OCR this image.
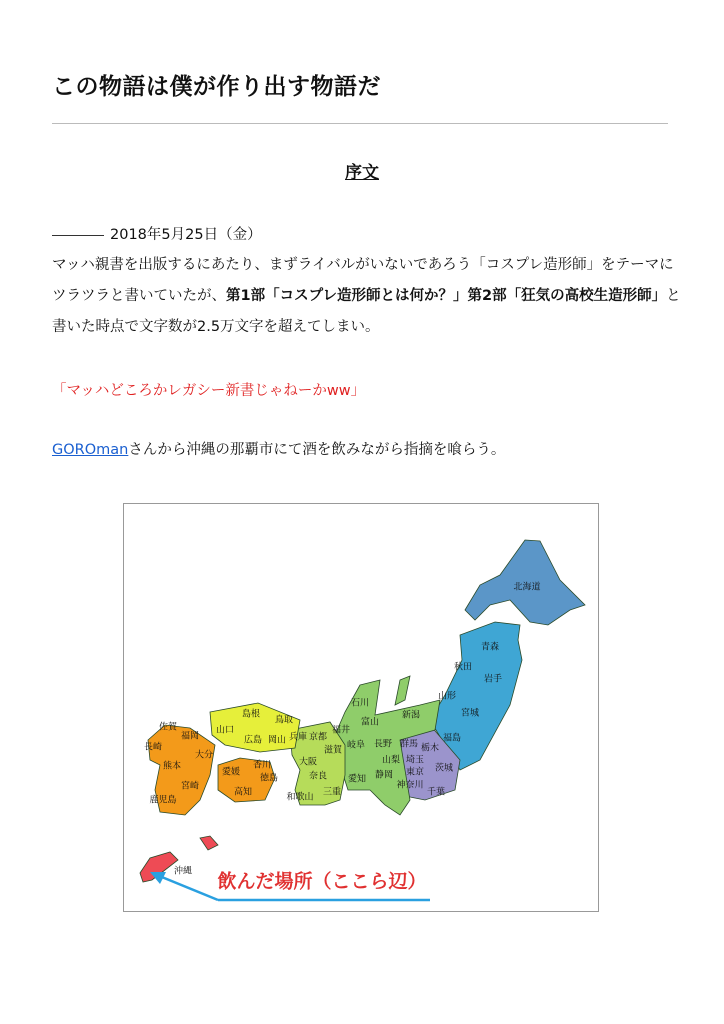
この物語は僕が作り出す物語だ
序文
2018年5月25日（金）
マッハ親書を出版するにあたり、まずライバルがいないであろう「コスプレ造形師」をテーマにツラツラと書いていたが、第1部「コスプレ造形師とは何か？」第2部「狂気の高校生造形師」と書いた時点で文字数が2.5万文字を超えてしまい。
「マッハどころかレガシー新書じゃねーかww」
GOROmanさんから沖縄の那覇市にて酒を飲みながら指摘を喰らう。
北海道
青森
秋田
岩手
山形
宮城
新潟
福島
石川
富山
福井
長野 群馬 栃木
岐阜
京都
兵庫
滋賀
埼玉
茨城
東京
山梨
大阪
愛知 静岡
神奈川
千葉
奈良
三重
和歌山
島根
鳥取
山口
広島 岡山
香川
愛媛
徳島
高知
佐賀
福岡
長崎
大分
熊本
宮崎
鹿児島
沖縄 飲んだ場所（ここら辺）
